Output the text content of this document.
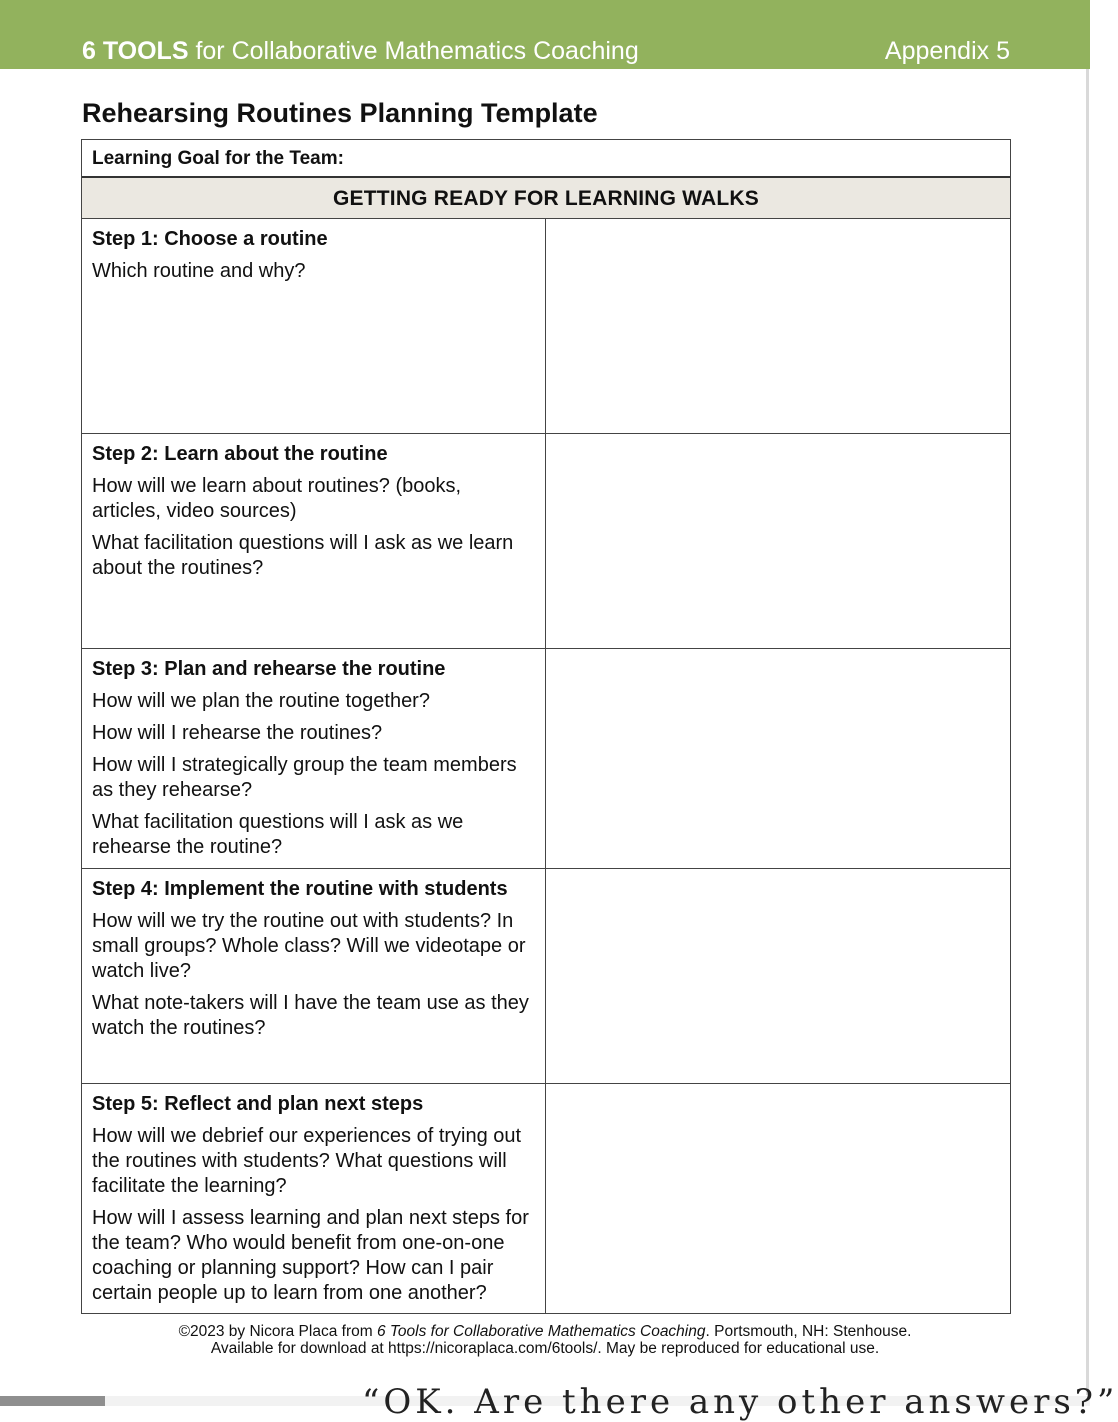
6 TOOLS for Collaborative Mathematics Coaching	Appendix 5
Rehearsing Routines Planning Template
Learning Goal for the Team:
GETTING READY FOR LEARNING WALKS
Step 1: Choose a routine
Which routine and why?
Step 2: Learn about the routine
How will we learn about routines? (books, articles, video sources)
What facilitation questions will I ask as we learn about the routines?
Step 3: Plan and rehearse the routine
How will we plan the routine together?
How will I rehearse the routines?
How will I strategically group the team members as they rehearse?
What facilitation questions will I ask as we rehearse the routine?
Step 4: Implement the routine with students
How will we try the routine out with students? In small groups? Whole class? Will we videotape or watch live?
What note-takers will I have the team use as they watch the routines?
Step 5: Reflect and plan next steps
How will we debrief our experiences of trying out the routines with students? What questions will facilitate the learning?
How will I assess learning and plan next steps for the team? Who would benefit from one-on-one coaching or planning support? How can I pair certain people up to learn from one another?
©2023 by Nicora Placa from 6 Tools for Collaborative Mathematics Coaching. Portsmouth, NH: Stenhouse.
Available for download at https://nicoraplaca.com/6tools/. May be reproduced for educational use.
“OK. Are there any other answers?”
